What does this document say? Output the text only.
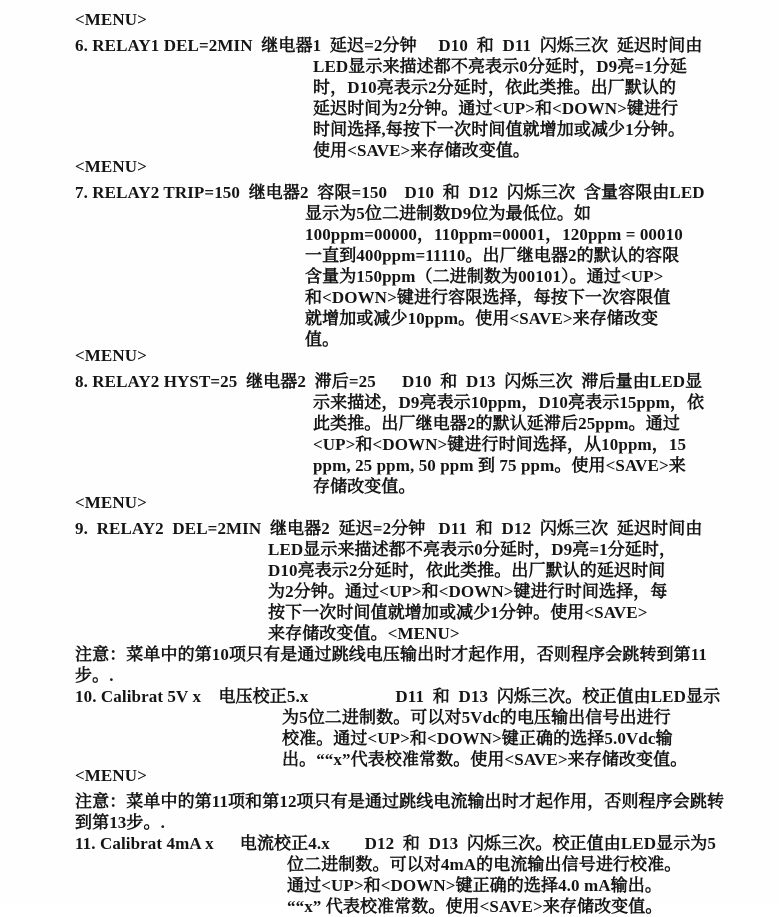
<MENU>
6. RELAY1 DEL=2MIN  继电器1  延迟=2分钟     D10  和  D11  闪烁三次  延迟时间由
LED显示来描述都不亮表示0分延时，D9亮=1分延
时，D10亮表示2分延时，依此类推。出厂默认的
延迟时间为2分钟。通过<UP>和<DOWN>键进行
时间选择,每按下一次时间值就增加或减少1分钟。
使用<SAVE>来存储改变值。
<MENU>
7. RELAY2 TRIP=150  继电器2  容限=150    D10  和  D12  闪烁三次  含量容限由LED
显示为5位二进制数D9位为最低位。如
100ppm=00000，110ppm=00001，120ppm = 00010
一直到400ppm=11110。出厂继电器2的默认的容限
含量为150ppm（二进制数为00101）。通过<UP>
和<DOWN>键进行容限选择，每按下一次容限值
就增加或减少10ppm。使用<SAVE>来存储改变
值。
<MENU>
8. RELAY2 HYST=25  继电器2  滞后=25      D10  和  D13  闪烁三次  滞后量由LED显
示来描述，D9亮表示10ppm，D10亮表示15ppm，依
此类推。出厂继电器2的默认延滞后25ppm。通过
<UP>和<DOWN>键进行时间选择，从10ppm，15
ppm, 25 ppm, 50 ppm 到 75 ppm。使用<SAVE>来
存储改变值。
<MENU>
9.  RELAY2  DEL=2MIN  继电器2  延迟=2分钟   D11  和  D12  闪烁三次  延迟时间由
LED显示来描述都不亮表示0分延时，D9亮=1分延时，
D10亮表示2分延时，依此类推。出厂默认的延迟时间
为2分钟。通过<UP>和<DOWN>键进行时间选择，每
按下一次时间值就增加或减少1分钟。使用<SAVE>
来存储改变值。<MENU>
注意：菜单中的第10项只有是通过跳线电压输出时才起作用，否则程序会跳转到第11
步。.
10. Calibrat 5V x    电压校正5.x                    D11  和  D13  闪烁三次。校正值由LED显示
为5位二进制数。可以对5Vdc的电压输出信号出进行
校准。通过<UP>和<DOWN>键正确的选择5.0Vdc输
出。““x”代表校准常数。使用<SAVE>来存储改变值。
<MENU>
注意：菜单中的第11项和第12项只有是通过跳线电流输出时才起作用，否则程序会跳转
到第13步。.
11. Calibrat 4mA x      电流校正4.x        D12  和  D13  闪烁三次。校正值由LED显示为5
位二进制数。可以对4mA的电流输出信号进行校准。
通过<UP>和<DOWN>键正确的选择4.0 mA输出。
““x” 代表校准常数。使用<SAVE>来存储改变值。
